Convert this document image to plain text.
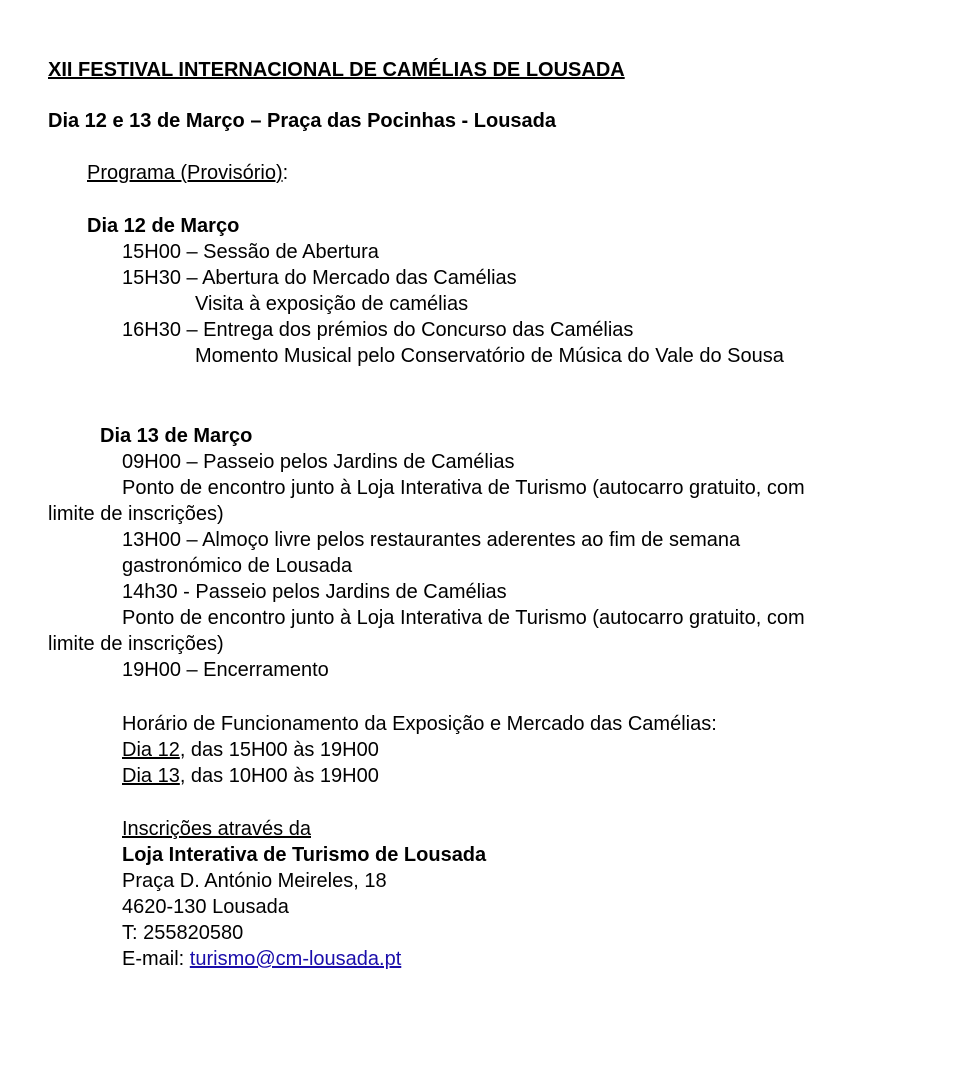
XII FESTIVAL INTERNACIONAL DE CAMÉLIAS DE LOUSADA
Dia 12 e 13 de Março – Praça das Pocinhas - Lousada
Programa (Provisório):
Dia 12 de Março
15H00 – Sessão de Abertura
15H30 – Abertura do Mercado das Camélias
Visita à exposição de camélias
16H30 – Entrega dos prémios do Concurso das Camélias
Momento Musical pelo Conservatório de Música do Vale do Sousa
Dia 13 de Março
09H00 – Passeio pelos Jardins de Camélias
Ponto de encontro junto à Loja Interativa de Turismo (autocarro gratuito, com
limite de inscrições)
13H00 – Almoço livre pelos restaurantes aderentes ao fim de semana
gastronómico de Lousada
14h30 - Passeio pelos Jardins de Camélias
Ponto de encontro junto à Loja Interativa de Turismo (autocarro gratuito, com
limite de inscrições)
19H00 – Encerramento
Horário de Funcionamento da Exposição e Mercado das Camélias:
Dia 12, das 15H00 às 19H00
Dia 13, das 10H00 às 19H00
Inscrições através da
Loja Interativa de Turismo de Lousada
Praça D. António Meireles, 18
4620-130 Lousada
T: 255820580
E-mail: turismo@cm-lousada.pt
